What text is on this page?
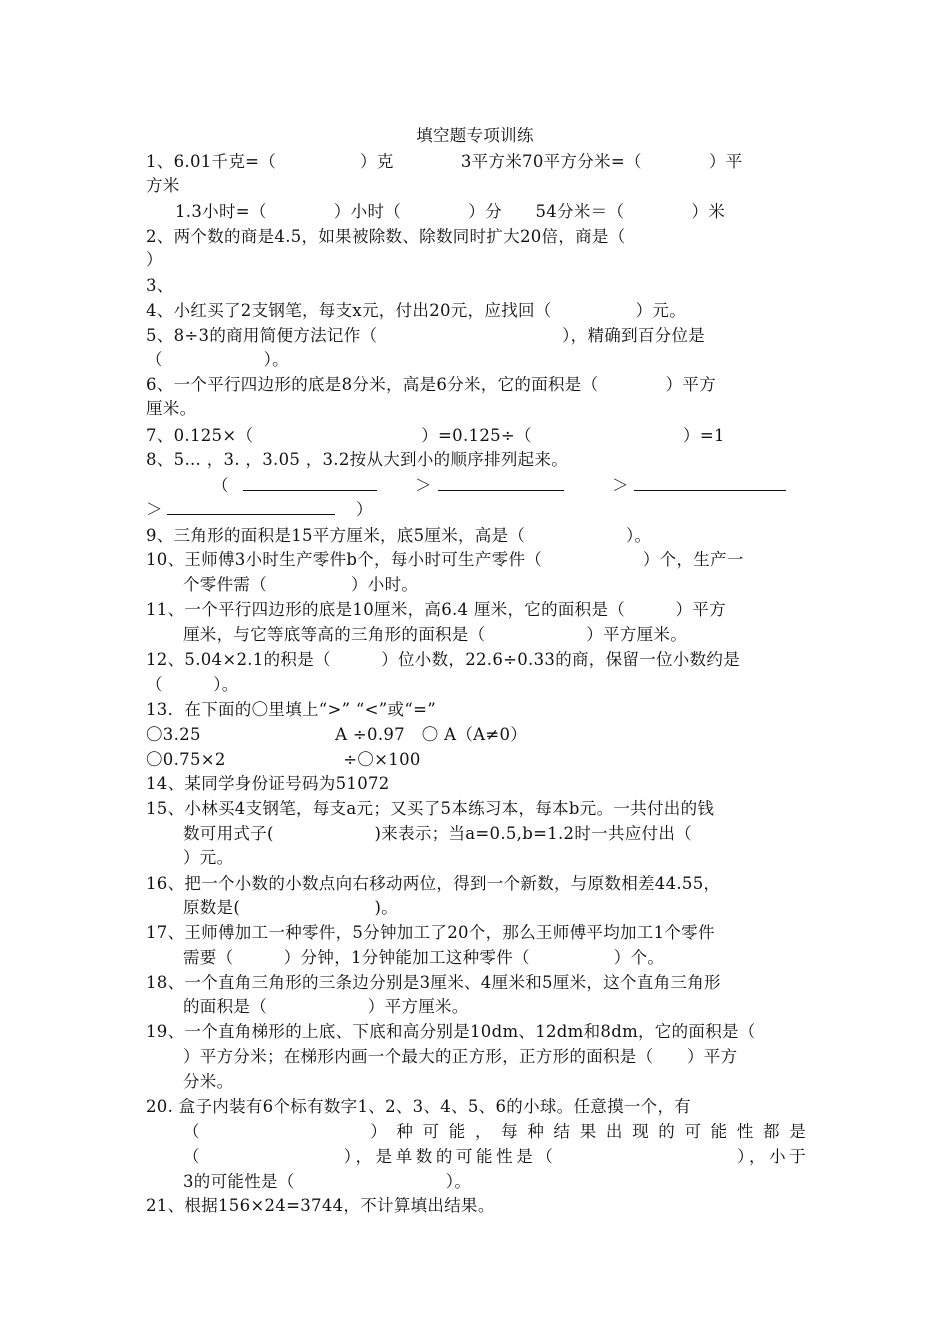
填空题专项训练
1、6.01千克=（　　　　　）克　　　　3平方米70平方分米=（　　　　）平
方米
1.3小时=（　　　　）小时（　　　　）分　　54分米＝（　　　　）米
2、两个数的商是4.5，如果被除数、除数同时扩大20倍，商是（
）
3、
4、小红买了2支钢笔，每支x元，付出20元，应找回（　　　　　）元。
5、8÷3的商用简便方法记作（　　　　　　　　　　　），精确到百分位是
（　　　　　　）。
6、一个平行四边形的底是8分米，高是6分米，它的面积是（　　　　）平方
厘米。
7、0.125×（　　　　　　　　　　）=0.125÷（　　　　　　　　　）=1
8、5… ，3. ，3.05 ，3.2按从大到小的顺序排列起来。
（	＞	＞
＞	）
9、三角形的面积是15平方厘米，底5厘米，高是（　　　　　　）。
10、王师傅3小时生产零件b个，每小时可生产零件（　　　　　　）个，生产一
个零件需（　　　　　）小时。
11、一个平行四边形的底是10厘米，高6.4 厘米，它的面积是（　　　）平方
厘米，与它等底等高的三角形的面积是（　　　　　　）平方厘米。
12、5.04×2.1的积是（　　　）位小数，22.6÷0.33的商，保留一位小数约是
（　　　）。
13．在下面的〇里填上“>” “<”或“=”
〇3.25　　　　　　　　A ÷0.97　〇 A（A≠0）
〇0.75×2　　　　　　　÷〇×100
14、某同学身份证号码为51072
15、小林买4支钢笔，每支a元；又买了5本练习本，每本b元。一共付出的钱
数可用式子(　　　　　　)来表示；当a=0.5,b=1.2时一共应付出（
）元。
16、把一个小数的小数点向右移动两位，得到一个新数，与原数相差44.55，
原数是(　　　　　　　　)。
17、王师傅加工一种零件，5分钟加工了20个，那么王师傅平均加工1个零件
需要（　　　）分钟，1分钟能加工这种零件（　　　　　）个。
18、一个直角三角形的三条边分别是3厘米、4厘米和5厘米，这个直角三角形
的面积是（　　　　　　）平方厘米。
19、一个直角梯形的上底、下底和高分别是10dm、12dm和8dm，它的面积是（
）平方分米；在梯形内画一个最大的正方形，正方形的面积是（　　）平方
分米。
20. 盒子内装有6个标有数字1、2、3、4、5、6的小球。任意摸一个，有
（　　　　　　　　　） 种 可 能 ， 每 种 结 果 出 现 的 可 能 性 都 是
（　　　　　　　），是单数的可能性是（　　　　　　　　　），小于
3的可能性是（　　　　　　　　　）。
21、根据156×24=3744，不计算填出结果。
